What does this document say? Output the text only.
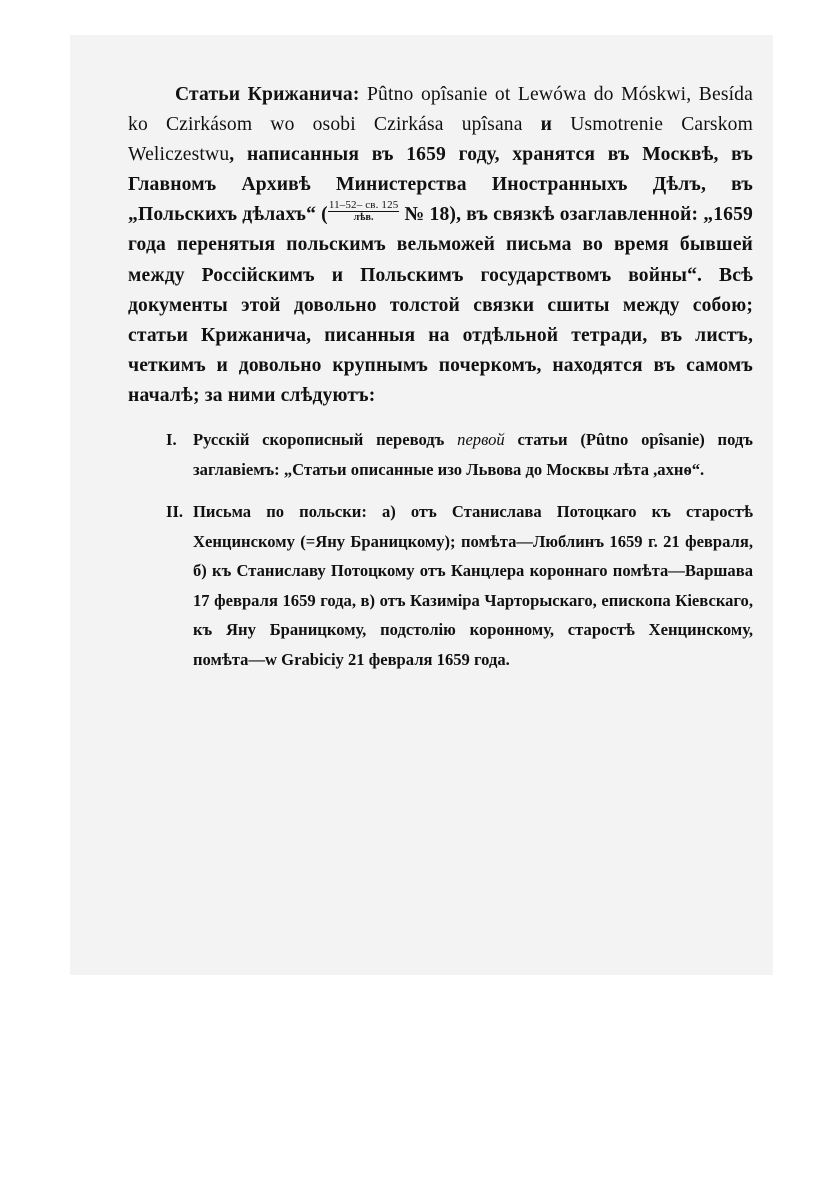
Статьи Крижанича: Pûtno opîsanie ot Lewówa do Móskwi, Besída ko Czirkásom wo osobi Czirkása upîsana и Usmotrenie Carskom Weliczestwu, написанныя въ 1659 году, хранятся въ Москвѣ, въ Главномъ Архивѣ Министерства Иностранныхъ Дѣлъ, въ „Польскихъ дѣлахъ“ ( $\frac{11-52- св. 125}{\text{лѣв.}}$ № 18), въ связкѣ озаглавленной: „1659 года перенятыя польскимъ вельможей письма во время бывшей между Россійскимъ и Польскимъ государствомъ войны“. Всѣ документы этой довольно толстой связки сшиты между собою; статьи Крижанича, писанныя на отдѣльной тетради, въ листъ, четкимъ и довольно крупнымъ почеркомъ, находятся въ самомъ началѣ; за ними слѣдуютъ:

I. Русскій скорописный переводъ первой статьи (Pûtno opîsanie) подъ заглавіемъ: „Статьи описанные изо Львова до Москвы лѣта ,ахнѳ“.
II. Письма по польски: а) отъ Станислава Потоцкаго къ старостѣ Хенцинскому (=Яну Браницкому); помѣта—Люблинъ 1659 г. 21 февраля, б) къ Станиславу Потоцкому отъ Канцлера короннаго помѣта—Варшава 17 февраля 1659 года, в) отъ Казиміра Чарторыскаго, епископа Кіевскаго, къ Яну Браницкому, подстолію коронному, старостѣ Хенцинскому, помѣта—w Grabiciy 21 февраля 1659 года.
